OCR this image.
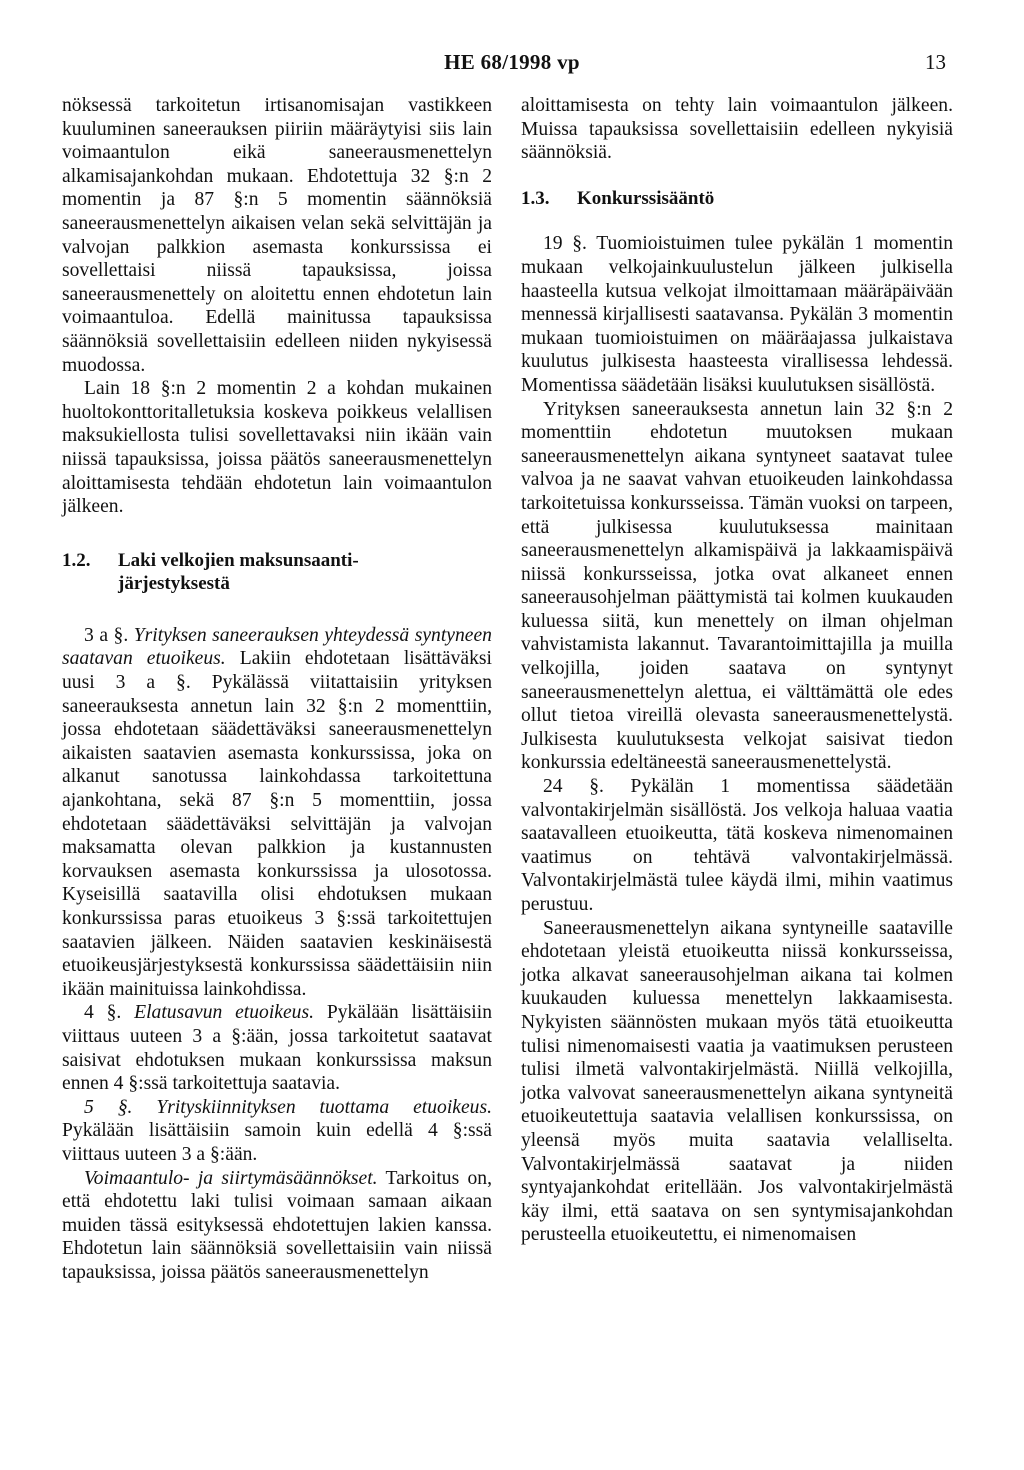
HE 68/1998 vp	13

nöksessä tarkoitetun irtisanomisajan vastikkeen kuuluminen saneerauksen piiriin määräytyisi siis lain voimaantulon eikä saneerausmenettelyn alkamisajankohdan mukaan. Ehdotettuja 32 §:n 2 momentin ja 87 §:n 5 momentin säännöksiä saneerausmenettelyn aikaisen velan sekä selvittäjän ja valvojan palkkion asemasta konkurssissa ei sovellettaisi niissä tapauksissa, joissa saneerausmenettely on aloitettu ennen ehdotetun lain voimaantuloa. Edellä mainitussa tapauksissa säännöksiä sovellettaisiin edelleen niiden nykyisessä muodossa.

Lain 18 §:n 2 momentin 2 a kohdan mukainen huoltokonttoritalletuksia koskeva poikkeus velallisen maksukiellosta tulisi sovellettavaksi niin ikään vain niissä tapauksissa, joissa päätös saneerausmenettelyn aloittamisesta tehdään ehdotetun lain voimaantulon jälkeen.

1.2.	Laki velkojien maksunsaanti-
järjestyksestä

3 a §. Yrityksen saneerauksen yhteydessä syntyneen saatavan etuoikeus. Lakiin ehdotetaan lisättäväksi uusi 3 a §. Pykälässä viitattaisiin yrityksen saneerauksesta annetun lain 32 §:n 2 momenttiin, jossa ehdotetaan säädettäväksi saneerausmenettelyn aikaisten saatavien asemasta konkurssissa, joka on alkanut sanotussa lainkohdassa tarkoitettuna ajankohtana, sekä 87 §:n 5 momenttiin, jossa ehdotetaan säädettäväksi selvittäjän ja valvojan maksamatta olevan palkkion ja kustannusten korvauksen asemasta konkurssissa ja ulosotossa. Kyseisillä saatavilla olisi ehdotuksen mukaan konkurssissa paras etuoikeus 3 §:ssä tarkoitettujen saatavien jälkeen. Näiden saatavien keskinäisestä etuoikeusjärjestyksestä konkurssissa säädettäisiin niin ikään mainituissa lainkohdissa.

4 §. Elatusavun etuoikeus. Pykälään lisättäisiin viittaus uuteen 3 a §:ään, jossa tarkoitetut saatavat saisivat ehdotuksen mukaan konkurssissa maksun ennen 4 §:ssä tarkoitettuja saatavia.

5 §. Yrityskiinnityksen tuottama etuoikeus. Pykälään lisättäisiin samoin kuin edellä 4 §:ssä viittaus uuteen 3 a §:ään.

Voimaantulo- ja siirtymäsäännökset. Tarkoitus on, että ehdotettu laki tulisi voimaan samaan aikaan muiden tässä esityksessä ehdotettujen lakien kanssa. Ehdotetun lain säännöksiä sovellettaisiin vain niissä tapauksissa, joissa päätös saneerausmenettelyn

aloittamisesta on tehty lain voimaantulon jälkeen. Muissa tapauksissa sovellettaisiin edelleen nykyisiä säännöksiä.

1.3.	Konkurssisääntö

19 §. Tuomioistuimen tulee pykälän 1 momentin mukaan velkojainkuulustelun jälkeen julkisella haasteella kutsua velkojat ilmoittamaan määräpäivään mennessä kirjallisesti saatavansa. Pykälän 3 momentin mukaan tuomioistuimen on määräajassa julkaistava kuulutus julkisesta haasteesta virallisessa lehdessä. Momentissa säädetään lisäksi kuulutuksen sisällöstä.

Yrityksen saneerauksesta annetun lain 32 §:n 2 momenttiin ehdotetun muutoksen mukaan saneerausmenettelyn aikana syntyneet saatavat tulee valvoa ja ne saavat vahvan etuoikeuden lainkohdassa tarkoitetuissa konkursseissa. Tämän vuoksi on tarpeen, että julkisessa kuulutuksessa mainitaan saneerausmenettelyn alkamispäivä ja lakkaamispäivä niissä konkursseissa, jotka ovat alkaneet ennen saneerausohjelman päättymistä tai kolmen kuukauden kuluessa siitä, kun menettely on ilman ohjelman vahvistamista lakannut. Tavarantoimittajilla ja muilla velkojilla, joiden saatava on syntynyt saneerausmenettelyn alettua, ei välttämättä ole edes ollut tietoa vireillä olevasta saneerausmenettelystä. Julkisesta kuulutuksesta velkojat saisivat tiedon konkurssia edeltäneestä saneerausmenettelystä.

24 §. Pykälän 1 momentissa säädetään valvontakirjelmän sisällöstä. Jos velkoja haluaa vaatia saatavalleen etuoikeutta, tätä koskeva nimenomainen vaatimus on tehtävä valvontakirjelmässä. Valvontakirjelmästä tulee käydä ilmi, mihin vaatimus perustuu.

Saneerausmenettelyn aikana syntyneille saataville ehdotetaan yleistä etuoikeutta niissä konkursseissa, jotka alkavat saneerausohjelman aikana tai kolmen kuukauden kuluessa menettelyn lakkaamisesta. Nykyisten säännösten mukaan myös tätä etuoikeutta tulisi nimenomaisesti vaatia ja vaatimuksen perusteen tulisi ilmetä valvontakirjelmästä. Niillä velkojilla, jotka valvovat saneerausmenettelyn aikana syntyneitä etuoikeutettuja saatavia velallisen konkurssissa, on yleensä myös muita saatavia velalliselta. Valvontakirjelmässä saatavat ja niiden syntyajankohdat eritellään. Jos valvontakirjelmästä käy ilmi, että saatava on sen syntymisajankohdan perusteella etuoikeutettu, ei nimenomaisen
